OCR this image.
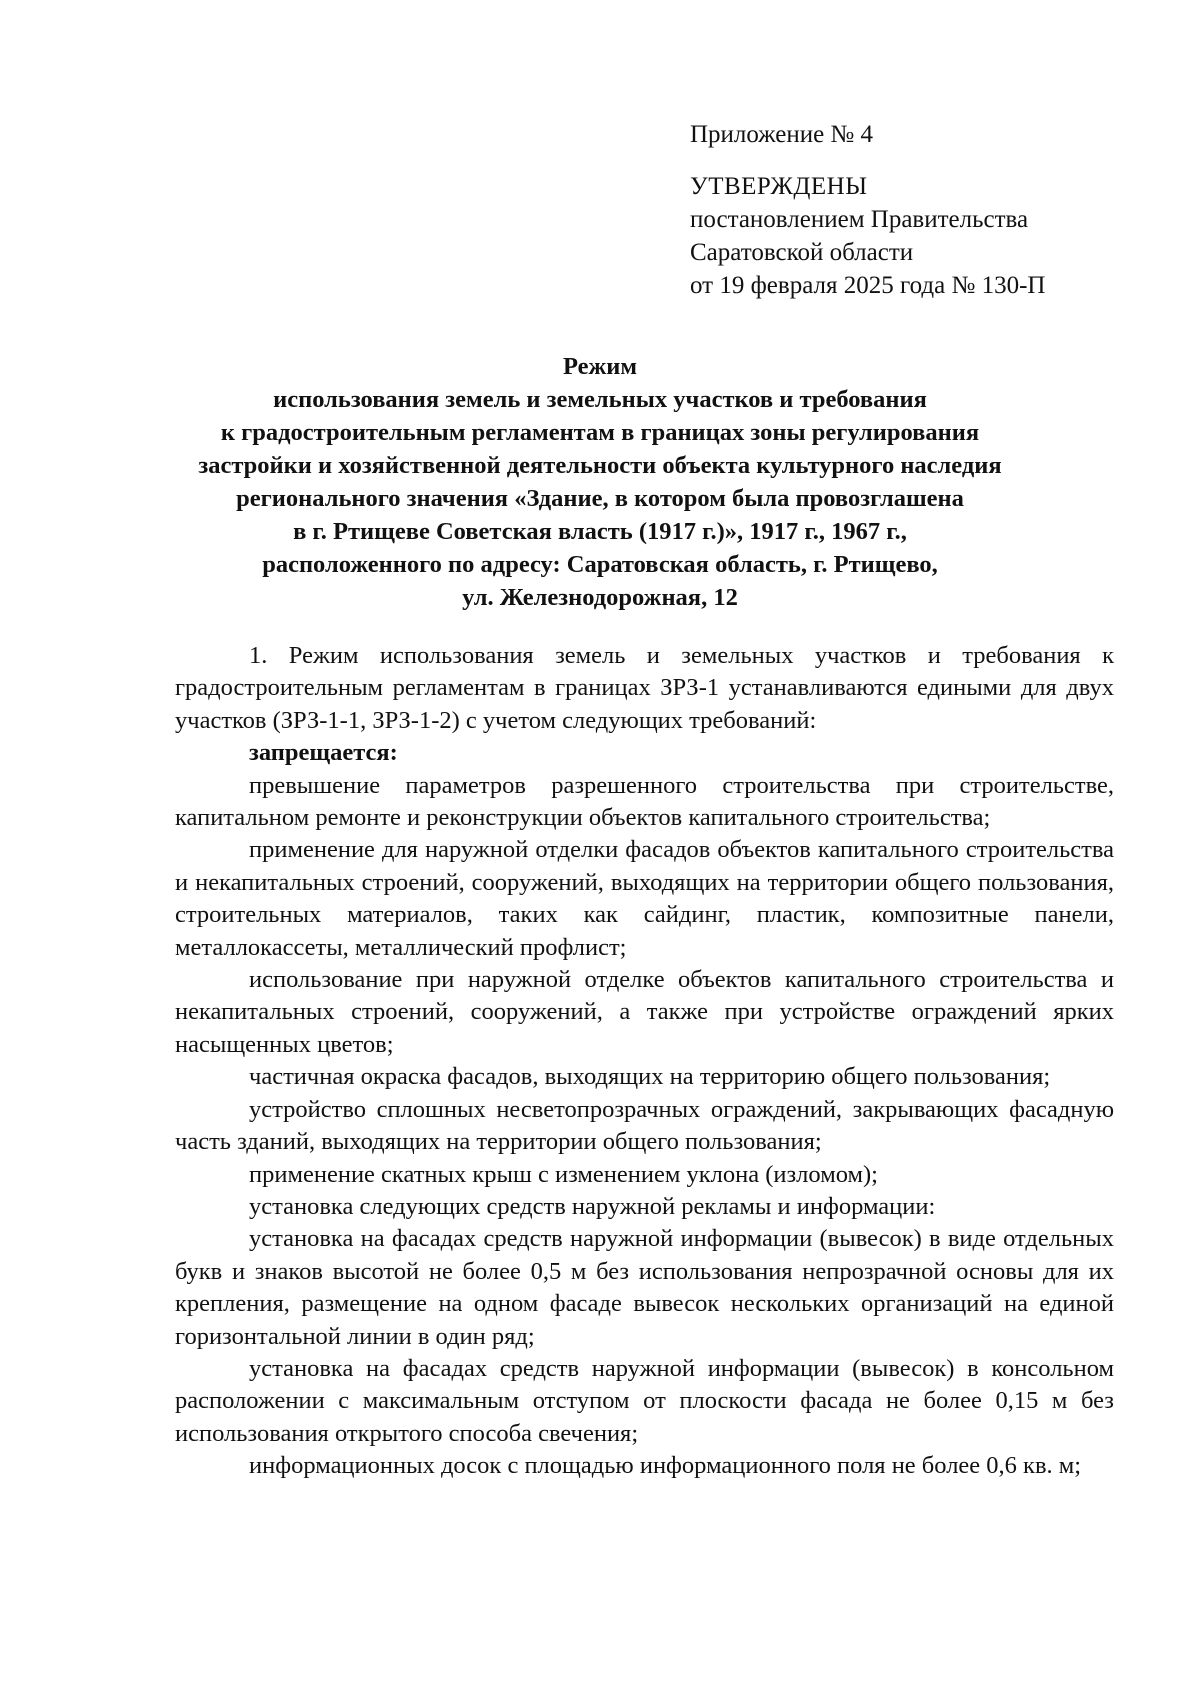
Приложение № 4

УТВЕРЖДЕНЫ

постановлением Правительства

Саратовской области

от 19 февраля 2025 года № 130-П

Режим
использования земель и земельных участков и требования
к градостроительным регламентам в границах зоны регулирования
застройки и хозяйственной деятельности объекта культурного наследия
регионального значения «Здание, в котором была провозглашена
в г. Ртищеве Советская власть (1917 г.)», 1917 г., 1967 г.,
расположенного по адресу: Саратовская область, г. Ртищево,
ул. Железнодорожная, 12

1. Режим использования земель и земельных участков и требования к градостроительным регламентам в границах ЗРЗ-1 устанавливаются едиными для двух участков (ЗРЗ-1-1, ЗРЗ-1-2) с учетом следующих требований:

запрещается:

превышение параметров разрешенного строительства при строительстве, капитальном ремонте и реконструкции объектов капитального строительства;

применение для наружной отделки фасадов объектов капитального строительства и некапитальных строений, сооружений, выходящих на территории общего пользования, строительных материалов, таких как сайдинг, пластик, композитные панели, металлокассеты, металлический профлист;

использование при наружной отделке объектов капитального строительства и некапитальных строений, сооружений, а также при устройстве ограждений ярких насыщенных цветов;

частичная окраска фасадов, выходящих на территорию общего пользования;

устройство сплошных несветопрозрачных ограждений, закрывающих фасадную часть зданий, выходящих на территории общего пользования;

применение скатных крыш с изменением уклона (изломом);

установка следующих средств наружной рекламы и информации:

установка на фасадах средств наружной информации (вывесок) в виде отдельных букв и знаков высотой не более 0,5 м без использования непрозрачной основы для их крепления, размещение на одном фасаде вывесок нескольких организаций на единой горизонтальной линии в один ряд;

установка на фасадах средств наружной информации (вывесок) в консольном расположении с максимальным отступом от плоскости фасада не более 0,15 м без использования открытого способа свечения;

информационных досок с площадью информационного поля не более 0,6 кв. м;
